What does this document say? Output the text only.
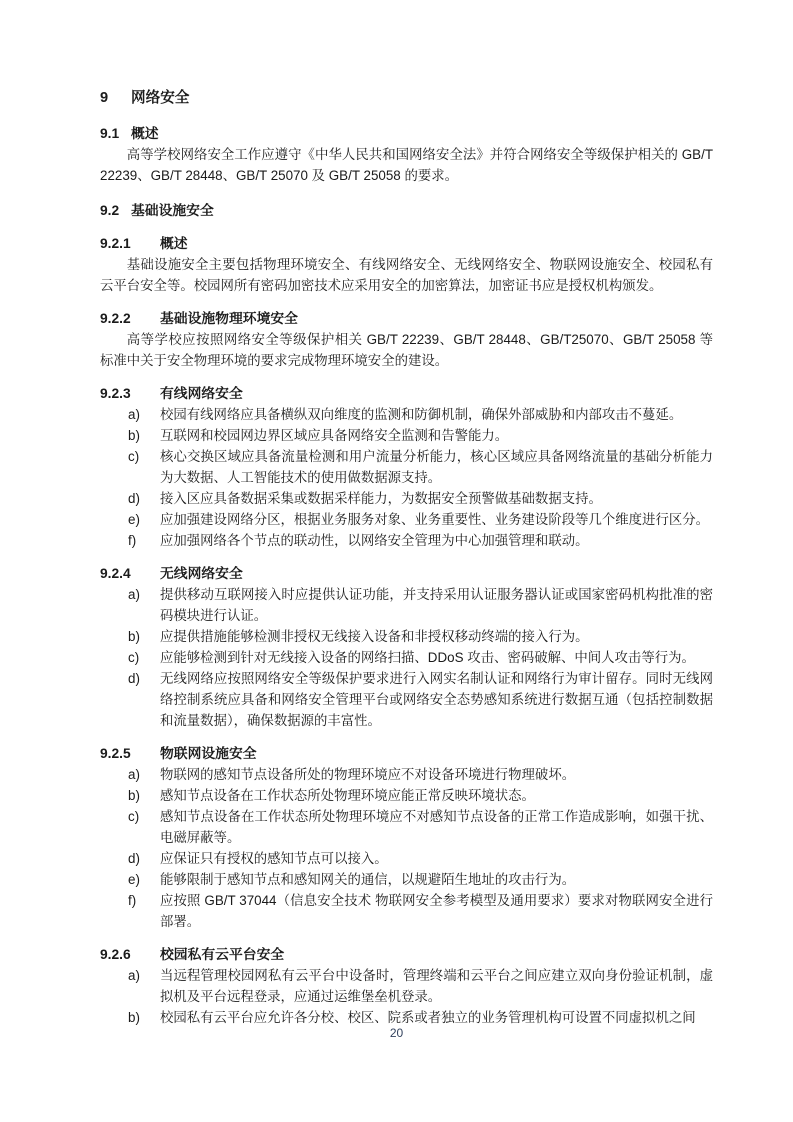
9 网络安全
9.1 概述

高等学校网络安全工作应遵守《中华人民共和国网络安全法》并符合网络安全等级保护相关的 GB/T 22239、GB/T 28448、GB/T 25070 及 GB/T 25058 的要求。

9.2 基础设施安全
9.2.1 概述

基础设施安全主要包括物理环境安全、有线网络安全、无线网络安全、物联网设施安全、校园私有云平台安全等。校园网所有密码加密技术应采用安全的加密算法，加密证书应是授权机构颁发。

9.2.2 基础设施物理环境安全

高等学校应按照网络安全等级保护相关 GB/T 22239、GB/T 28448、GB/T25070、GB/T 25058 等标准中关于安全物理环境的要求完成物理环境安全的建设。

9.2.3 有线网络安全
a)	校园有线网络应具备横纵双向维度的监测和防御机制，确保外部威胁和内部攻击不蔓延。
b)	互联网和校园网边界区域应具备网络安全监测和告警能力。
c)	核心交换区域应具备流量检测和用户流量分析能力，核心区域应具备网络流量的基础分析能力为大数据、人工智能技术的使用做数据源支持。
d)	接入区应具备数据采集或数据采样能力，为数据安全预警做基础数据支持。
e)	应加强建设网络分区，根据业务服务对象、业务重要性、业务建设阶段等几个维度进行区分。
f)	应加强网络各个节点的联动性，以网络安全管理为中心加强管理和联动。
9.2.4 无线网络安全
a)	提供移动互联网接入时应提供认证功能，并支持采用认证服务器认证或国家密码机构批准的密码模块进行认证。
b)	应提供措施能够检测非授权无线接入设备和非授权移动终端的接入行为。
c)	应能够检测到针对无线接入设备的网络扫描、DDoS 攻击、密码破解、中间人攻击等行为。
d)	无线网络应按照网络安全等级保护要求进行入网实名制认证和网络行为审计留存。同时无线网络控制系统应具备和网络安全管理平台或网络安全态势感知系统进行数据互通（包括控制数据和流量数据），确保数据源的丰富性。
9.2.5 物联网设施安全
a)	物联网的感知节点设备所处的物理环境应不对设备环境进行物理破坏。
b)	感知节点设备在工作状态所处物理环境应能正常反映环境状态。
c)	感知节点设备在工作状态所处物理环境应不对感知节点设备的正常工作造成影响，如强干扰、电磁屏蔽等。
d)	应保证只有授权的感知节点可以接入。
e)	能够限制于感知节点和感知网关的通信，以规避陌生地址的攻击行为。
f)	应按照 GB/T 37044（信息安全技术 物联网安全参考模型及通用要求）要求对物联网安全进行部署。
9.2.6 校园私有云平台安全
a)	当远程管理校园网私有云平台中设备时，管理终端和云平台之间应建立双向身份验证机制，虚拟机及平台远程登录，应通过运维堡垒机登录。
b)	校园私有云平台应允许各分校、校区、院系或者独立的业务管理机构可设置不同虚拟机之间
20
